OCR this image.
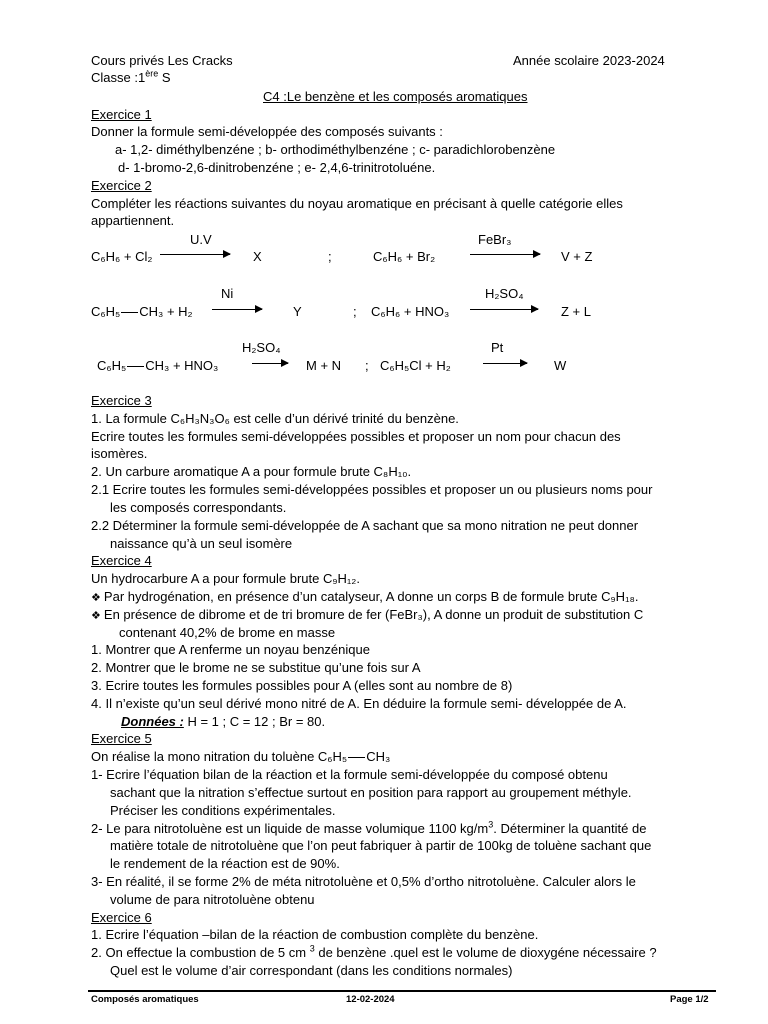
Cours privés Les Cracks	Année scolaire 2023-2024
Classe :1ère S
C4 :Le benzène et les composés aromatiques
Exercice 1
Donner la formule semi-développée des composés suivants :
a- 1,2- diméthylbenzéne ; b- orthodiméthylbenzéne ; c- paradichlorobenzène
d- 1-bromo-2,6-dinitrobenzéne ; e- 2,4,6-trinitrotoluéne.
Exercice 2
Compléter les réactions suivantes du noyau aromatique en précisant à quelle catégorie elles
appartiennent.
U.V
C₆H₆ + Cl₂	X	;
FeBr₃
C₆H₆ + Br₂	V + Z
Ni
C₆H₅ CH₃ + H₂ → Y	;
H₂SO₄
C₆H₆ + HNO₃	Z + L
H₂SO₄
C₆H₅ CH₃ + HNO₃	→ M + N ;
Pt
C₆H₅Cl + H₂	W
Exercice 3
1. La formule C₆H₃N₃O₆ est celle d’un dérivé trinité du benzène.
Ecrire toutes les formules semi-développées possibles et proposer un nom pour chacun des
isomères.
2. Un carbure aromatique A a pour formule brute C₈H₁₀.
2.1 Ecrire toutes les formules semi-développées possibles et proposer un ou plusieurs noms pour
les composés correspondants.
2.2 Déterminer la formule semi-développée de A sachant que sa mono nitration ne peut donner
naissance qu’à un seul isomère
Exercice 4
Un hydrocarbure A a pour formule brute C₉H₁₂.
❖ Par hydrogénation, en présence d’un catalyseur, A donne un corps B de formule brute C₉H₁₈.
❖ En présence de dibrome et de tri bromure de fer (FeBr₃), A donne un produit de substitution C
contenant 40,2% de brome en masse
1. Montrer que A renferme un noyau benzénique
2. Montrer que le brome ne se substitue qu’une fois sur A
3. Ecrire toutes les formules possibles pour A (elles sont au nombre de 8)
4. Il n’existe qu’un seul dérivé mono nitré de A. En déduire la formule semi- développée de A.
Données : H = 1 ; C = 12 ; Br = 80.
Exercice 5
On réalise la mono nitration du toluène C₆H₅ CH₃
1- Ecrire l’équation bilan de la réaction et la formule semi-développée du composé obtenu
sachant que la nitration s’effectue surtout en position para rapport au groupement méthyle.
Préciser les conditions expérimentales.
2- Le para nitrotoluène est un liquide de masse volumique 1100 $kg/m^3$. Déterminer la quantité de
matière totale de nitrotoluène que l’on peut fabriquer à partir de 100kg de toluène sachant que
le rendement de la réaction est de 90%.
3- En réalité, il se forme 2% de méta nitrotoluène et 0,5% d’ortho nitrotoluène. Calculer alors le
volume de para nitrotoluène obtenu
Exercice 6
1. Ecrire l’équation –bilan de la réaction de combustion complète du benzène.
2. On effectue la combustion de 5 cm $^3$ de benzène .quel est le volume de dioxygéne nécessaire ?
Quel est le volume d’air correspondant (dans les conditions normales)
Composés aromatiques	12-02-2024	Page 1/2
